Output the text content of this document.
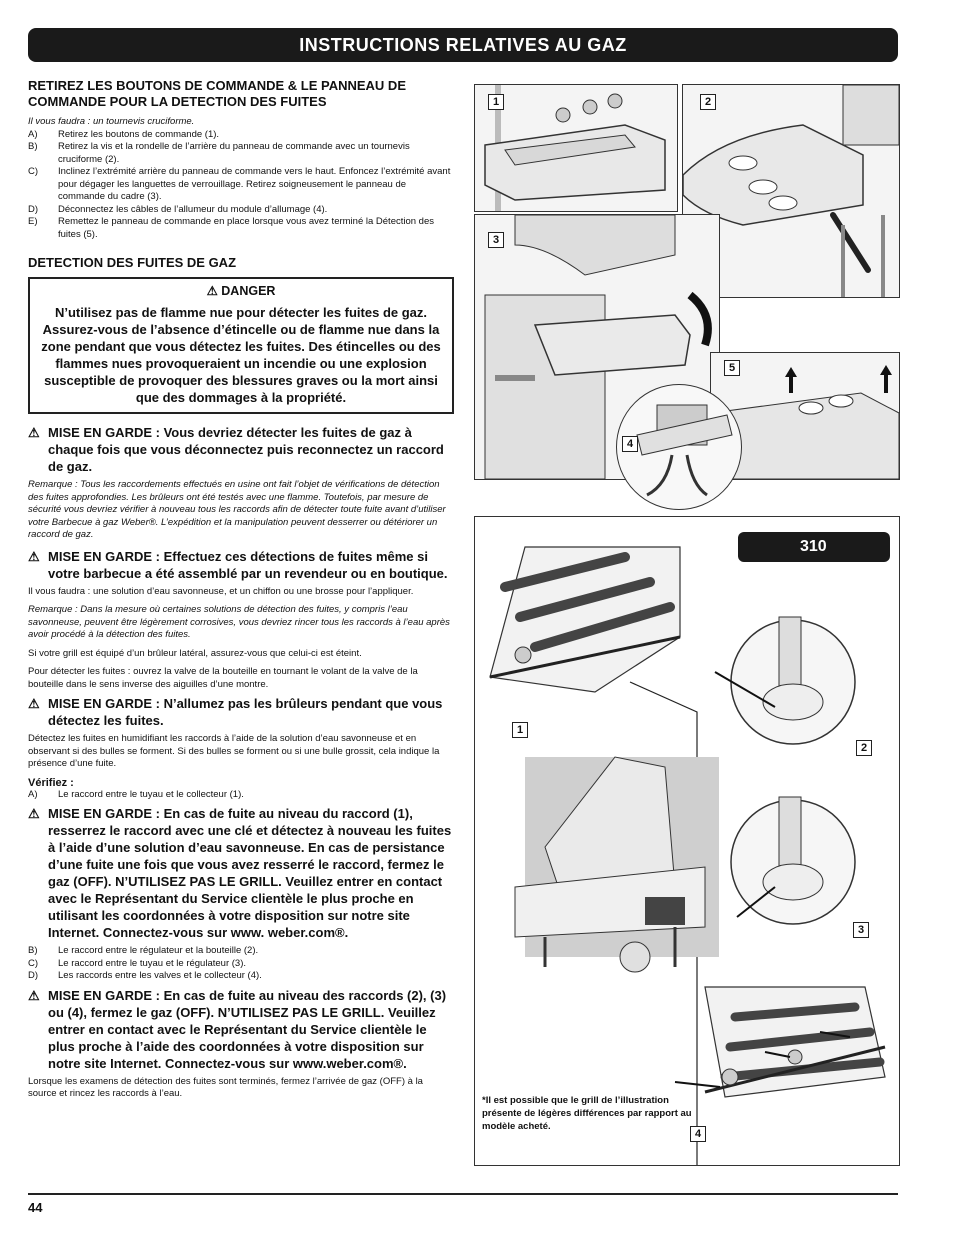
INSTRUCTIONS RELATIVES AU GAZ
RETIREZ LES BOUTONS DE COMMANDE & LE PANNEAU DE COMMANDE POUR LA DETECTION DES FUITES
Il vous faudra : un tournevis cruciforme.
A) Retirez les boutons de commande (1).
B) Retirez la vis et la rondelle de l’arrière du panneau de commande avec un tournevis cruciforme (2).
C) Inclinez l’extrémité arrière du panneau de commande vers le haut. Enfoncez l’extrémité avant pour dégager les languettes de verrouillage. Retirez soigneusement le panneau de commande du cadre (3).
D) Déconnectez les câbles de l’allumeur du module d’allumage (4).
E) Remettez le panneau de commande en place lorsque vous avez terminé la Détection des fuites (5).
DETECTION DES FUITES DE GAZ
⚠ DANGER
N’utilisez pas de flamme nue pour détecter les fuites de gaz. Assurez-vous de l’absence d’étincelle ou de flamme nue dans la zone pendant que vous détectez les fuites. Des étincelles ou des flammes nues provoqueraient un incendie ou une explosion susceptible de provoquer des blessures graves ou la mort ainsi que des dommages à la propriété.
⚠ MISE EN GARDE : Vous devriez détecter les fuites de gaz à chaque fois que vous déconnectez puis reconnectez un raccord de gaz.

Remarque : Tous les raccordements effectués en usine ont fait l’objet de vérifications de détection des fuites approfondies. Les brûleurs ont été testés avec une flamme. Toutefois, par mesure de sécurité vous devriez vérifier à nouveau tous les raccords afin de détecter toute fuite avant d’utiliser votre Barbecue à gaz Weber®. L’expédition et la manipulation peuvent desserrer ou détériorer un raccord de gaz.

⚠ MISE EN GARDE : Effectuez ces détections de fuites même si votre barbecue a été assemblé par un revendeur ou en boutique.

Il vous faudra : une solution d’eau savonneuse, et un chiffon ou une brosse pour l’appliquer.

Remarque : Dans la mesure où certaines solutions de détection des fuites, y compris l’eau savonneuse, peuvent être légèrement corrosives, vous devriez rincer tous les raccords à l’eau après avoir procédé à la détection des fuites.

Si votre grill est équipé d’un brûleur latéral, assurez-vous que celui-ci est éteint.

Pour détecter les fuites : ouvrez la valve de la bouteille en tournant le volant de la valve de la bouteille dans le sens inverse des aiguilles d’une montre.

⚠ MISE EN GARDE : N’allumez pas les brûleurs pendant que vous détectez les fuites.

Détectez les fuites en humidifiant les raccords à l’aide de la solution d’eau savonneuse et en observant si des bulles se forment. Si des bulles se forment ou si une bulle grossit, cela indique la présence d’une fuite.

Vérifiez :
A) Le raccord entre le tuyau et le collecteur (1).
⚠ MISE EN GARDE : En cas de fuite au niveau du raccord (1), resserrez le raccord avec une clé et détectez à nouveau les fuites à l’aide d’une solution d’eau savonneuse. En cas de persistance d’une fuite une fois que vous avez resserré le raccord, fermez le gaz (OFF). N’UTILISEZ PAS LE GRILL. Veuillez entrer en contact avec le Représentant du Service clientèle le plus proche en utilisant les coordonnées à votre disposition sur notre site Internet. Connectez-vous sur www. weber.com®.
B) Le raccord entre le régulateur et la bouteille (2).
C) Le raccord entre le tuyau et le régulateur (3).
D) Les raccords entre les valves et le collecteur (4).
⚠ MISE EN GARDE : En cas de fuite au niveau des raccords (2), (3) ou (4), fermez le gaz (OFF). N’UTILISEZ PAS LE GRILL. Veuillez entrer en contact avec le Représentant du Service clientèle le plus proche à l’aide des coordonnées à votre disposition sur notre site Internet. Connectez-vous sur www.weber.com®.

Lorsque les examens de détection des fuites sont terminés, fermez l’arrivée de gaz (OFF) à la source et rincez les raccords à l’eau.

1	2
3
5
4
310
1
2
3
4
*Il est possible que le grill de l’illustration présente de légères différences par rapport au modèle acheté.
44
